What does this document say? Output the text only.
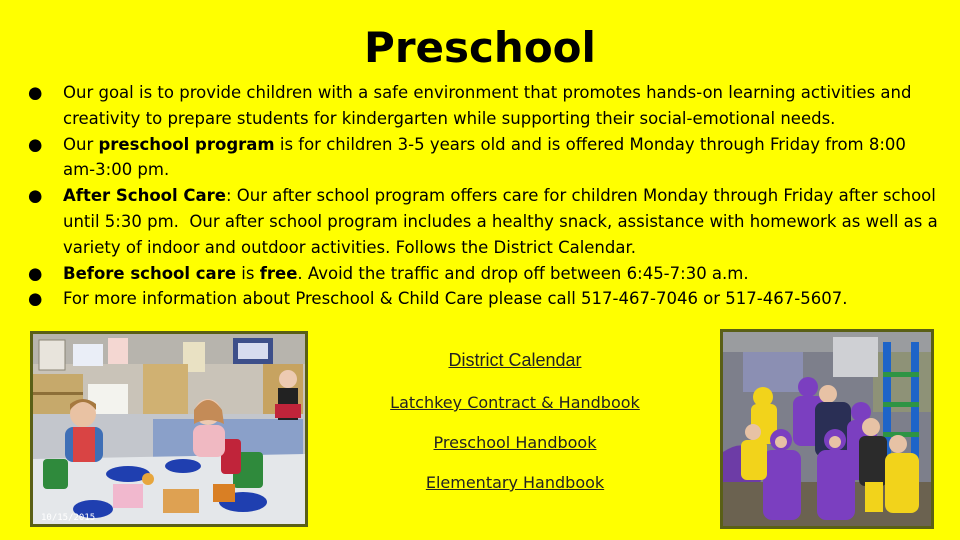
Preschool
● Our goal is to provide children with a safe environment that promotes hands-on learning activities and creativity to prepare students for kindergarten while supporting their social-emotional needs.
● Our preschool program is for children 3-5 years old and is offered Monday through Friday from 8:00 am-3:00 pm.
● After School Care: Our after school program offers care for children Monday through Friday after school until 5:30 pm.  Our after school program includes a healthy snack, assistance with homework as well as a variety of indoor and outdoor activities. Follows the District Calendar.
● Before school care is free. Avoid the traffic and drop off between 6:45-7:30 a.m.
● For more information about Preschool & Child Care please call 517-467-7046 or 517-467-5607.
10/15/2015
District Calendar
Latchkey Contract & Handbook
Preschool Handbook
Elementary Handbook
